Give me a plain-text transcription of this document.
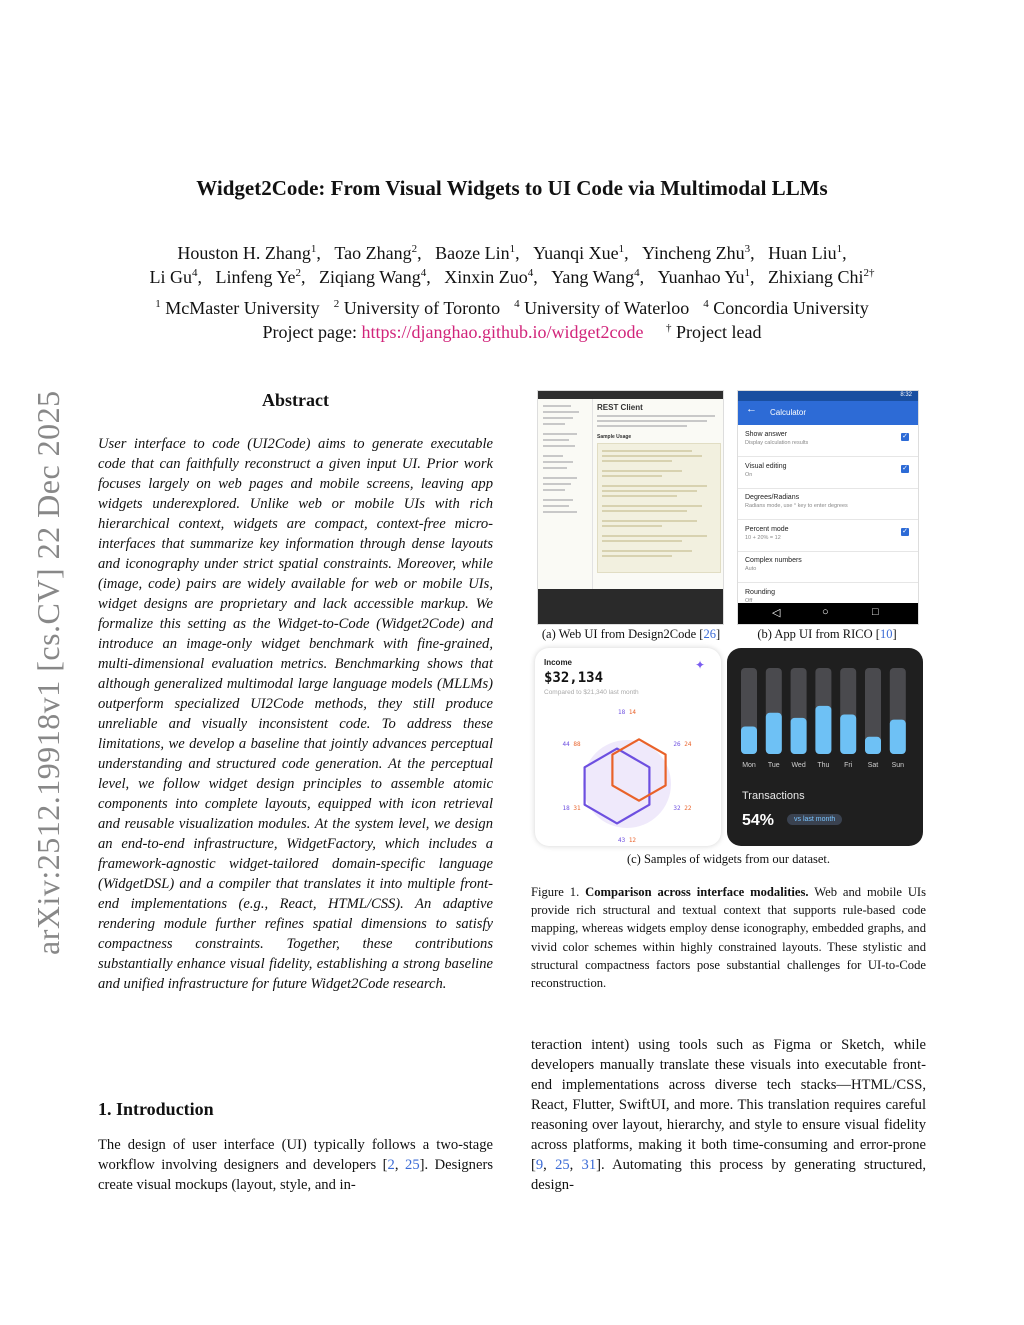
Widget2Code: From Visual Widgets to UI Code via Multimodal LLMs
Houston H. Zhang$^1$ ,   Tao Zhang$^2$ ,   Baoze Lin$^1$ ,   Yuanqi Xue$^1$ ,   Yincheng Zhu$^3$ ,   Huan Liu$^1$ ,
Li Gu$^4$ ,   Linfeng Ye$^2$ ,   Ziqiang Wang$^4$ ,   Xinxin Zuo$^4$ ,   Yang Wang$^4$ ,   Yuanhao Yu$^1$ ,   Zhixiang Chi$^{2\dagger}$
$^1$ McMaster University $^2$ University of Toronto $^4$ University of Waterloo $^4$ Concordia University
Project page: https://djanghao.github.io/widget2code † Project lead
arXiv:2512.19918v1 [cs.CV] 22 Dec 2025	Abstract
User interface to code (UI2Code) aims to generate executable code that can faithfully reconstruct a given input UI. Prior work focuses largely on web pages and mobile screens, leaving app widgets underexplored. Unlike web or mobile UIs with rich hierarchical context, widgets are compact, context-free micro-interfaces that summarize key information through dense layouts and iconography under strict spatial constraints. Moreover, while (image, code) pairs are widely available for web or mobile UIs, widget designs are proprietary and lack accessible markup. We formalize this setting as the Widget-to-Code (Widget2Code) and introduce an image-only widget benchmark with fine-grained, multi-dimensional evaluation metrics. Benchmarking shows that although generalized multimodal large language models (MLLMs) outperform specialized UI2Code methods, they still produce unreliable and visually inconsistent code. To address these limitations, we develop a baseline that jointly advances perceptual understanding and structured code generation. At the perceptual level, we follow widget design principles to assemble atomic components into complete layouts, equipped with icon retrieval and reusable visualization modules. At the system level, we design an end-to-end infrastructure, WidgetFactory, which includes a framework-agnostic widget-tailored domain-specific language (WidgetDSL) and a compiler that translates it into multiple front-end implementations (e.g., React, HTML/CSS). An adaptive rendering module further refines spatial dimensions to satisfy compactness constraints. Together, these contributions substantially enhance visual fidelity, establishing a strong baseline and unified infrastructure for future Widget2Code research.
1. Introduction
The design of user interface (UI) typically follows a two-stage workflow involving designers and developers [2, 25]. Designers create visual mockups (layout, style, and in-
REST Client
Sample Usage
8:32
← Calculator
Show answer
Display calculation results
✓
Visual editing
On
✓
Degrees/Radians
Radians mode, use ° key to enter degrees
Percent mode
10 + 20% = 12
✓
Complex numbers
Auto
Rounding
Off
◁	○	□
(a) Web UI from Design2Code [26]	(b) App UI from RICO [10]
Income
$32,134
Compared to $21,340 last month
✦
18 14
26 24
32 22
43 12
18 31
44 88
Mon Tue Wed Thu Fri Sat Sun
Transactions
54%	vs last month
(c) Samples of widgets from our dataset.
Figure 1. Comparison across interface modalities. Web and mobile UIs provide rich structural and textual context that supports rule-based code mapping, whereas widgets employ dense iconography, embedded graphs, and vivid color schemes within highly constrained layouts. These stylistic and structural compactness factors pose substantial challenges for UI-to-Code reconstruction.
teraction intent) using tools such as Figma or Sketch, while developers manually translate these visuals into executable front-end implementations across diverse tech stacks—HTML/CSS, React, Flutter, SwiftUI, and more. This translation requires careful reasoning over layout, hierarchy, and style to ensure visual fidelity across platforms, making it both time-consuming and error-prone [9, 25, 31]. Automating this process by generating structured, design-
